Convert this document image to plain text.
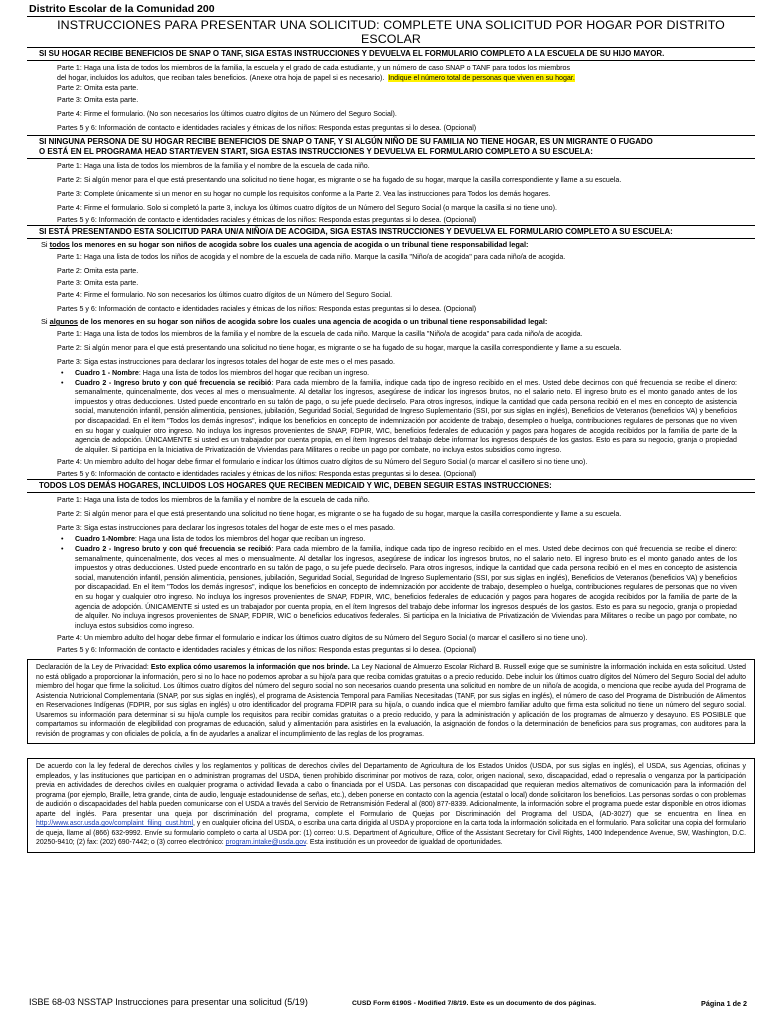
Distrito Escolar de la Comunidad 200
INSTRUCCIONES PARA PRESENTAR UNA SOLICITUD: COMPLETE UNA SOLICITUD POR HOGAR POR DISTRITO ESCOLAR
SI SU HOGAR RECIBE BENEFICIOS DE SNAP O TANF, SIGA ESTAS INSTRUCCIONES Y DEVUELVA EL FORMULARIO COMPLETO A LA ESCUELA DE SU HIJO MAYOR.
Parte 1: Haga una lista de todos los miembros de la familia, la escuela y el grado de cada estudiante, y un número de caso SNAP o TANF para todos los miembros
del hogar, incluidos los adultos, que reciban tales beneficios. (Anexe otra hoja de papel si es necesario). Indique el número total de personas que viven en su hogar.
Parte 2: Omita esta parte.
Parte 3: Omita esta parte.
Parte 4: Firme el formulario. (No son necesarios los últimos cuatro dígitos de un Número del Seguro Social).
Partes 5 y 6: Información de contacto e identidades raciales y étnicas de los niños: Responda estas preguntas si lo desea. (Opcional)
SI NINGUNA PERSONA DE SU HOGAR RECIBE BENEFICIOS DE SNAP O TANF, Y SI ALGÚN NIÑO DE SU FAMILIA NO TIENE HOGAR, ES UN MIGRANTE O FUGADO
O ESTÁ EN EL PROGRAMA HEAD START/EVEN START, SIGA ESTAS INSTRUCCIONES Y DEVUELVA EL FORMULARIO COMPLETO A SU ESCUELA:
Parte 1: Haga una lista de todos los miembros de la familia y el nombre de la escuela de cada niño.
Parte 2: Si algún menor para el que está presentando una solicitud no tiene hogar, es migrante o se ha fugado de su hogar, marque la casilla correspondiente y llame a su escuela.
Parte 3: Complete únicamente si un menor en su hogar no cumple los requisitos conforme a la Parte 2. Vea las instrucciones para Todos los demás hogares.
Parte 4: Firme el formulario. Solo si completó la parte 3, incluya los últimos cuatro dígitos de un Número del Seguro Social (o marque la casilla si no tiene uno).
Partes 5 y 6: Información de contacto e identidades raciales y étnicas de los niños: Responda estas preguntas si lo desea. (Opcional)
SI ESTÁ PRESENTANDO ESTA SOLICITUD PARA UN/A NIÑO/A DE ACOGIDA, SIGA ESTAS INSTRUCCIONES Y DEVUELVA EL FORMULARIO COMPLETO A SU ESCUELA:
Si todos los menores en su hogar son niños de acogida sobre los cuales una agencia de acogida o un tribunal tiene responsabilidad legal:
Parte 1: Haga una lista de todos los niños de acogida y el nombre de la escuela de cada niño. Marque la casilla "Niño/a de acogida" para cada niño/a de acogida.
Parte 2: Omita esta parte.
Parte 3: Omita esta parte.
Parte 4: Firme el formulario. No son necesarios los últimos cuatro dígitos de un Número del Seguro Social.
Partes 5 y 6: Información de contacto e identidades raciales y étnicas de los niños: Responda estas preguntas si lo desea. (Opcional)
Si algunos de los menores en su hogar son niños de acogida sobre los cuales una agencia de acogida o un tribunal tiene responsabilidad legal:
Parte 1: Haga una lista de todos los miembros de la familia y el nombre de la escuela de cada niño. Marque la casilla "Niño/a de acogida" para cada niño/a de acogida.
Parte 2: Si algún menor para el que está presentando una solicitud no tiene hogar, es migrante o se ha fugado de su hogar, marque la casilla correspondiente y llame a su escuela.
Parte 3: Siga estas instrucciones para declarar los ingresos totales del hogar de este mes o el mes pasado.
• Cuadro 1 - Nombre: Haga una lista de todos los miembros del hogar que reciban un ingreso.
• Cuadro 2 - Ingreso bruto y con qué frecuencia se recibió: Para cada miembro de la familia, indique cada tipo de ingreso recibido en el mes. Usted debe decirnos con qué frecuencia se recibe el dinero: semanalmente, quincenalmente, dos veces al mes o mensualmente. Al detallar los ingresos, asegúrese de indicar los ingresos brutos, no el salario neto. El ingreso bruto es el monto ganado antes de los impuestos y otras deducciones. Usted puede encontrarlo en su talón de pago, o su jefe puede decírselo. Para otros ingresos, indique la cantidad que cada persona recibió en el mes en concepto de asistencia social, manutención infantil, pensión alimenticia, pensiones, jubilación, Seguridad Social, Seguridad de Ingreso Suplementario (SSI, por sus siglas en inglés), Beneficios de Veteranos (beneficios VA) y beneficios por discapacidad. En el ítem "Todos los demás ingresos", indique los beneficios en concepto de indemnización por accidente de trabajo, desempleo o huelga, contribuciones regulares de personas que no viven en su hogar y cualquier otro ingreso. No incluya los ingresos provenientes de SNAP, FDPIR, WIC, beneficios federales de educación y pagos para hogares de acogida recibidos por la familia de parte de la agencia de adopción. ÚNICAMENTE si usted es un trabajador por cuenta propia, en el ítem Ingresos del trabajo debe informar los ingresos después de los gastos. Esto es para su negocio, granja o propiedad de alquiler. Si participa en la Iniciativa de Privatización de Viviendas para Militares o recibe un pago por combate, no incluya estos subsidios como ingreso.
Parte 4: Un miembro adulto del hogar debe firmar el formulario e indicar los últimos cuatro dígitos de su Número del Seguro Social (o marcar el casillero si no tiene uno).
Partes 5 y 6: Información de contacto e identidades raciales y étnicas de los niños: Responda estas preguntas si lo desea. (Opcional)
TODOS LOS DEMÁS HOGARES, INCLUIDOS LOS HOGARES QUE RECIBEN MEDICAID Y WIC, DEBEN SEGUIR ESTAS INSTRUCCIONES:
Parte 1: Haga una lista de todos los miembros de la familia y el nombre de la escuela de cada niño.
Parte 2: Si algún menor para el que está presentando una solicitud no tiene hogar, es migrante o se ha fugado de su hogar, marque la casilla correspondiente y llame a su escuela.
Parte 3: Siga estas instrucciones para declarar los ingresos totales del hogar de este mes o el mes pasado.
• Cuadro 1-Nombre: Haga una lista de todos los miembros del hogar que reciban un ingreso.
• Cuadro 2 - Ingreso bruto y con qué frecuencia se recibió: Para cada miembro de la familia, indique cada tipo de ingreso recibido en el mes. Usted debe decirnos con qué frecuencia se recibe el dinero: semanalmente, quincenalmente, dos veces al mes o mensualmente. Al detallar los ingresos, asegúrese de indicar los ingresos brutos, no el salario neto. El ingreso bruto es el monto ganado antes de los impuestos y otras deducciones. Usted puede encontrarlo en su talón de pago, o su jefe puede decírselo. Para otros ingresos, indique la cantidad que cada persona recibió en el mes en concepto de asistencia social, manutención infantil, pensión alimenticia, pensiones, jubilación, Seguridad Social, Seguridad de Ingreso Suplementario (SSI, por sus siglas en inglés), Beneficios de Veteranos (beneficios VA) y beneficios por discapacidad. En el ítem "Todos los demás ingresos", indique los beneficios en concepto de indemnización por accidente de trabajo, desempleo o huelga, contribuciones regulares de personas que no viven en su hogar y cualquier otro ingreso. No incluya los ingresos provenientes de SNAP, FDPIR, WIC, beneficios federales de educación y pagos para hogares de acogida recibidos por la familia de parte de la agencia de adopción. ÚNICAMENTE si usted es un trabajador por cuenta propia, en el ítem Ingresos del trabajo debe informar los ingresos después de los gastos. Esto es para su negocio, granja o propiedad de alquiler. No incluya ingresos provenientes de SNAP, FDPIR, WIC o beneficios educativos federales. Si participa en la Iniciativa de Privatización de Viviendas para Militares o recibe un pago por combate, no incluya estos subsidios como ingreso.
Parte 4: Un miembro adulto del hogar debe firmar el formulario e indicar los últimos cuatro dígitos de su Número del Seguro Social (o marcar el casillero si no tiene uno).
Partes 5 y 6: Información de contacto e identidades raciales y étnicas de los niños: Responda estas preguntas si lo desea. (Opcional)
Declaración de la Ley de Privacidad: Esto explica cómo usaremos la información que nos brinde. La Ley Nacional de Almuerzo Escolar Richard B. Russell exige que se suministre la información incluida en esta solicitud. Usted no está obligado a proporcionar la información, pero si no lo hace no podemos aprobar a su hijo/a para que reciba comidas gratuitas o a precio reducido. Debe incluir los últimos cuatro dígitos del Número del Seguro Social del adulto miembro del hogar que firme la solicitud. Los últimos cuatro dígitos del número del seguro social no son necesarios cuando presenta una solicitud en nombre de un niño/a de acogida, o menciona que recibe ayuda del Programa de Asistencia Nutricional Complementaria (SNAP, por sus siglas en inglés), el programa de Asistencia Temporal para Familias Necesitadas (TANF, por sus siglas en inglés), el número de caso del Programa de Distribución de Alimentos en Reservaciones Indígenas (FDPIR, por sus siglas en inglés) u otro identificador del programa FDPIR para su hijo/a, o cuando indica que el miembro familiar adulto que firma esta solicitud no tiene un número del seguro social. Usaremos su información para determinar si su hijo/a cumple los requisitos para recibir comidas gratuitas o a precio reducido, y para la administración y aplicación de los programas de almuerzo y desayuno. ES POSIBLE que compartamos su información de elegibilidad con programas de educación, salud y alimentación para asistirles en la evaluación, la asignación de fondos o la determinación de beneficios para sus programas, con auditores para la revisión de programas y con oficiales de policía, a fin de ayudarles a analizar el incumplimiento de las reglas de los programas.
De acuerdo con la ley federal de derechos civiles y los reglamentos y políticas de derechos civiles del Departamento de Agricultura de los Estados Unidos (USDA, por sus siglas en inglés), el USDA, sus Agencias, oficinas y empleados, y las instituciones que participan en o administran programas del USDA, tienen prohibido discriminar por motivos de raza, color, origen nacional, sexo, discapacidad, edad o represalia o venganza por la participación previa en actividades de derechos civiles en cualquier programa o actividad llevada a cabo o financiada por el USDA. Las personas con discapacidad que requieran medios alternativos de comunicación para la información del programa (por ejemplo, Braille, letra grande, cinta de audio, lenguaje estadounidense de señas, etc.), deben ponerse en contacto con la agencia (estatal o local) donde solicitaron los beneficios. Las personas sordas o con problemas de audición o discapacidades del habla pueden comunicarse con el USDA a través del Servicio de Retransmisión Federal al (800) 877-8339. Adicionalmente, la información sobre el programa puede estar disponible en otros idiomas aparte del inglés. Para presentar una queja por discriminación del programa, complete el Formulario de Quejas por Discriminación del Programa del USDA, (AD-3027) que se encuentra en línea en http://www.ascr.usda.gov/complaint_filing_cust.html, y en cualquier oficina del USDA, o escriba una carta dirigida al USDA y proporcione en la carta toda la información solicitada en el formulario. Para solicitar una copia del formulario de queja, llame al (866) 632-9992. Envíe su formulario completo o carta al USDA por: (1) correo: U.S. Department of Agriculture, Office of the Assistant Secretary for Civil Rights, 1400 Independence Avenue, SW, Washington, D.C. 20250-9410; (2) fax: (202) 690-7442; o (3) correo electrónico: program.intake@usda.gov. Esta institución es un proveedor de igualdad de oportunidades.
ISBE 68-03 NSSTAP Instrucciones para presentar una solicitud (5/19)	CUSD Form 6190S - Modified 7/8/19. Este es un documento de dos páginas.	Página 1 de 2
